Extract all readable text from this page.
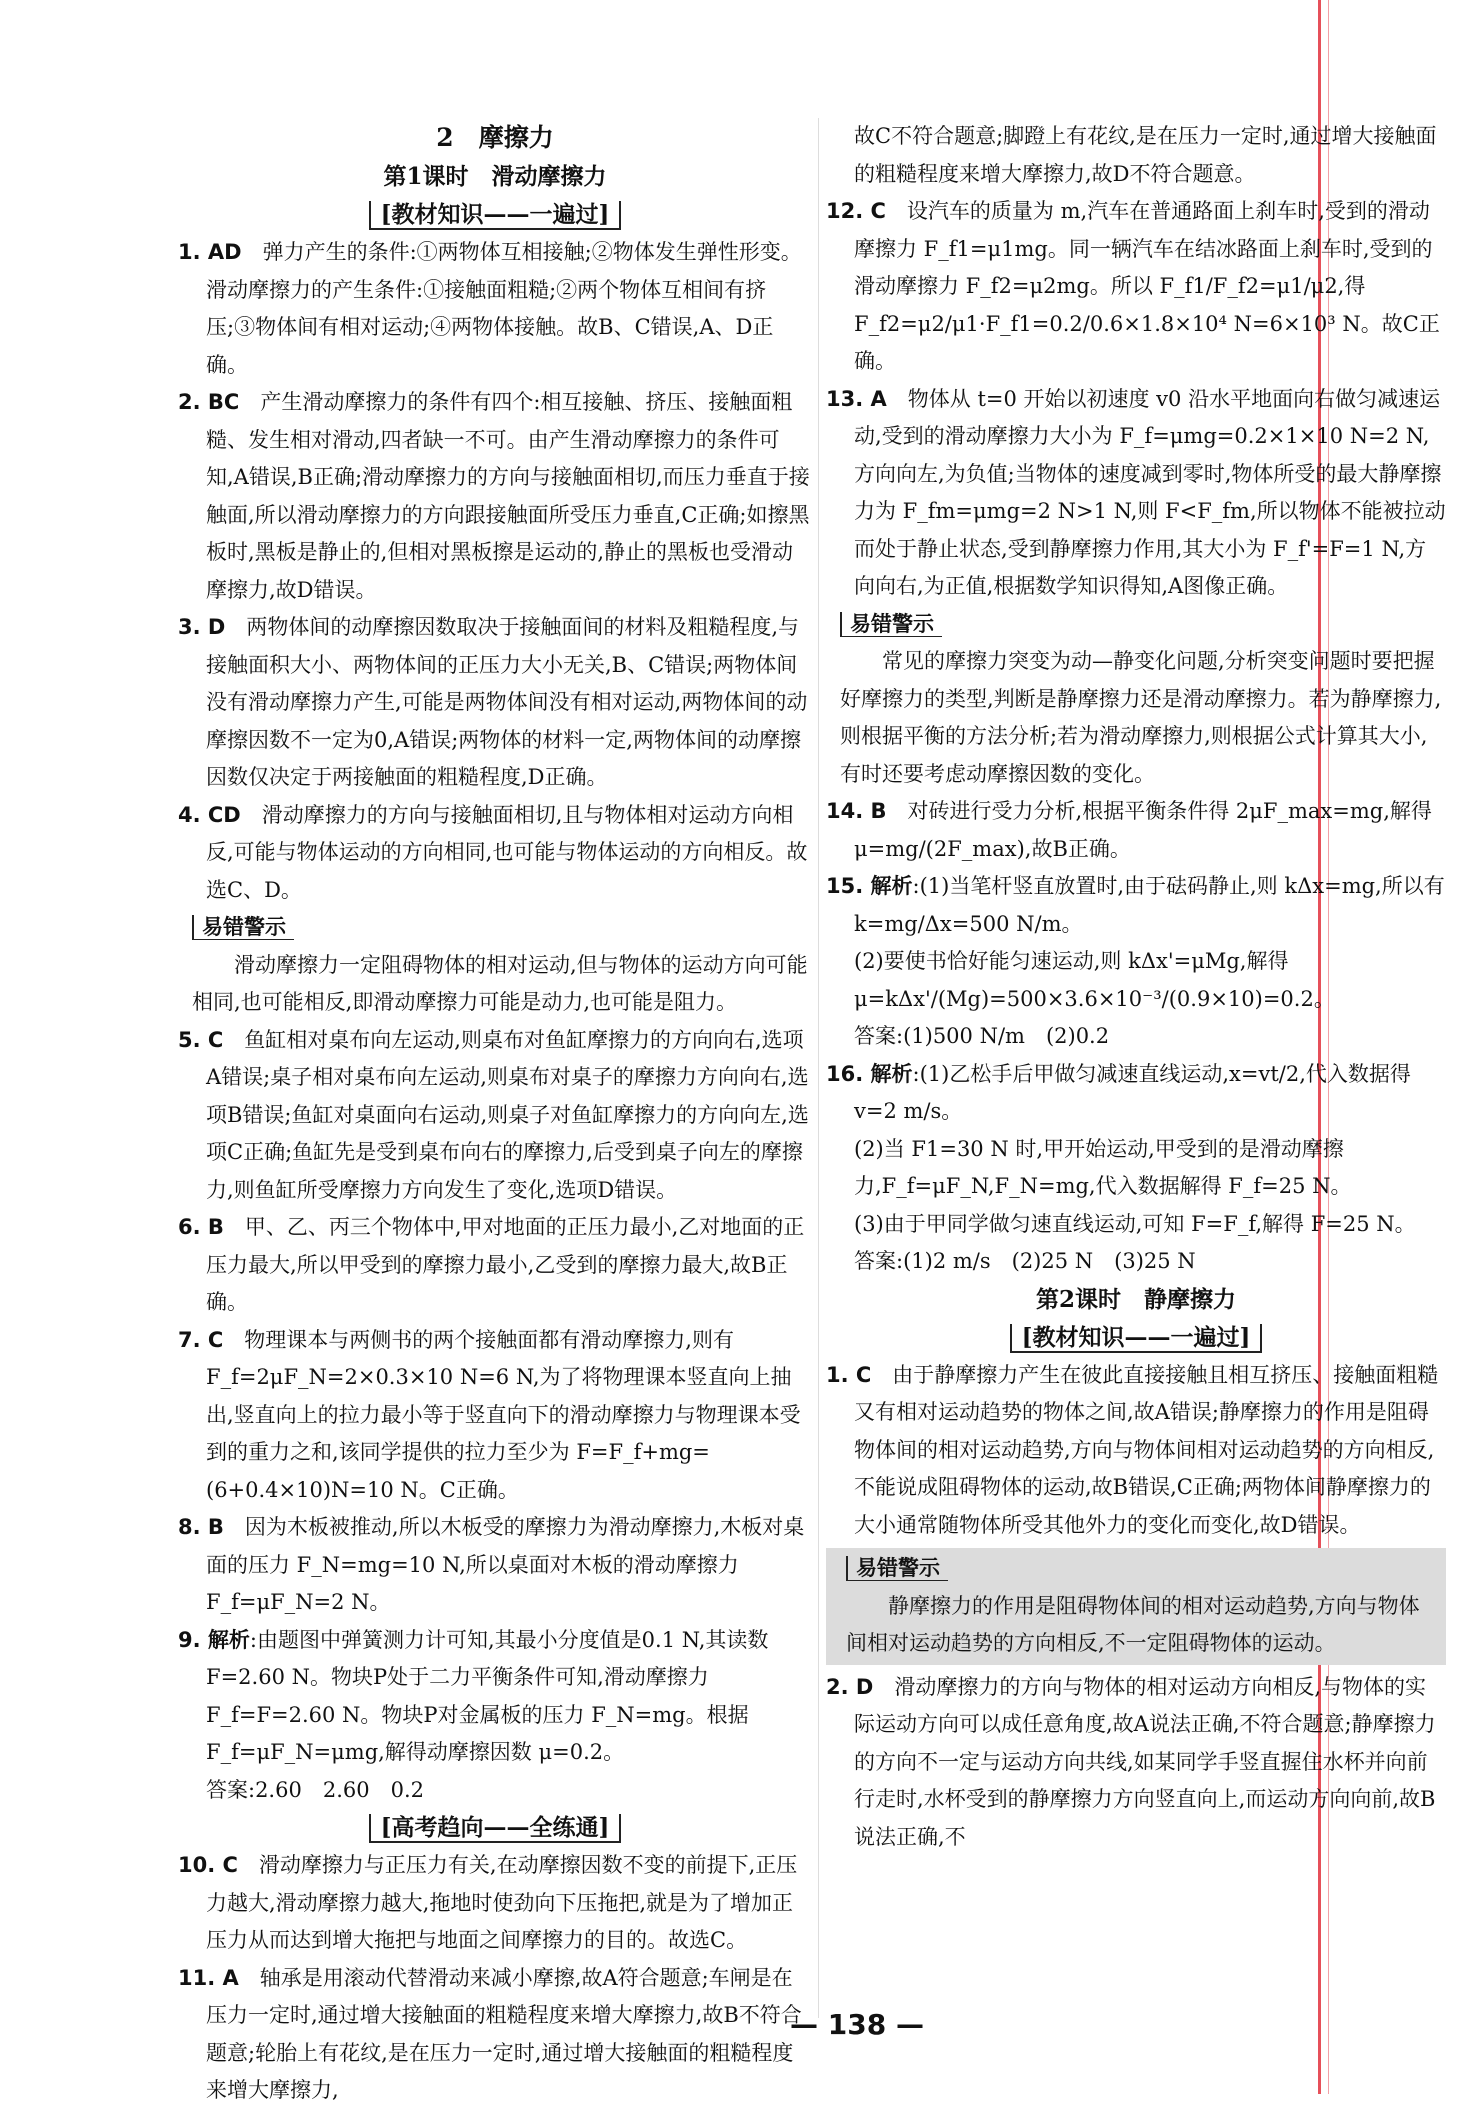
2　摩擦力
第1课时　滑动摩擦力
[教材知识——一遍过]

1. AD　弹力产生的条件:①两物体互相接触;②物体发生弹性形变。滑动摩擦力的产生条件:①接触面粗糙;②两个物体互相间有挤压;③物体间有相对运动;④两物体接触。故B、C错误,A、D正确。

2. BC　产生滑动摩擦力的条件有四个:相互接触、挤压、接触面粗糙、发生相对滑动,四者缺一不可。由产生滑动摩擦力的条件可知,A错误,B正确;滑动摩擦力的方向与接触面相切,而压力垂直于接触面,所以滑动摩擦力的方向跟接触面所受压力垂直,C正确;如擦黑板时,黑板是静止的,但相对黑板擦是运动的,静止的黑板也受滑动摩擦力,故D错误。

3. D　两物体间的动摩擦因数取决于接触面间的材料及粗糙程度,与接触面积大小、两物体间的正压力大小无关,B、C错误;两物体间没有滑动摩擦力产生,可能是两物体间没有相对运动,两物体间的动摩擦因数不一定为0,A错误;两物体的材料一定,两物体间的动摩擦因数仅决定于两接触面的粗糙程度,D正确。

4. CD　滑动摩擦力的方向与接触面相切,且与物体相对运动方向相反,可能与物体运动的方向相同,也可能与物体运动的方向相反。故选C、D。

易错警示

滑动摩擦力一定阻碍物体的相对运动,但与物体的运动方向可能相同,也可能相反,即滑动摩擦力可能是动力,也可能是阻力。

5. C　鱼缸相对桌布向左运动,则桌布对鱼缸摩擦力的方向向右,选项A错误;桌子相对桌布向左运动,则桌布对桌子的摩擦力方向向右,选项B错误;鱼缸对桌面向右运动,则桌子对鱼缸摩擦力的方向向左,选项C正确;鱼缸先是受到桌布向右的摩擦力,后受到桌子向左的摩擦力,则鱼缸所受摩擦力方向发生了变化,选项D错误。

6. B　甲、乙、丙三个物体中,甲对地面的正压力最小,乙对地面的正压力最大,所以甲受到的摩擦力最小,乙受到的摩擦力最大,故B正确。

7. C　物理课本与两侧书的两个接触面都有滑动摩擦力,则有 F_f=2μF_N=2×0.3×10 N=6 N,为了将物理课本竖直向上抽出,竖直向上的拉力最小等于竖直向下的滑动摩擦力与物理课本受到的重力之和,该同学提供的拉力至少为 F=F_f+mg=(6+0.4×10)N=10 N。C正确。

8. B　因为木板被推动,所以木板受的摩擦力为滑动摩擦力,木板对桌面的压力 F_N=mg=10 N,所以桌面对木板的滑动摩擦力 F_f=μF_N=2 N。

9. 解析:由题图中弹簧测力计可知,其最小分度值是0.1 N,其读数 F=2.60 N。物块P处于二力平衡条件可知,滑动摩擦力 F_f=F=2.60 N。物块P对金属板的压力 F_N=mg。根据 F_f=μF_N=μmg,解得动摩擦因数 μ=0.2。

答案:2.60　2.60　0.2

[高考趋向——全练通]

10. C　滑动摩擦力与正压力有关,在动摩擦因数不变的前提下,正压力越大,滑动摩擦力越大,拖地时使劲向下压拖把,就是为了增加正压力从而达到增大拖把与地面之间摩擦力的目的。故选C。

11. A　轴承是用滚动代替滑动来减小摩擦,故A符合题意;车闸是在压力一定时,通过增大接触面的粗糙程度来增大摩擦力,故B不符合题意;轮胎上有花纹,是在压力一定时,通过增大接触面的粗糙程度来增大摩擦力,

故C不符合题意;脚蹬上有花纹,是在压力一定时,通过增大接触面的粗糙程度来增大摩擦力,故D不符合题意。

12. C　设汽车的质量为 m,汽车在普通路面上刹车时,受到的滑动摩擦力 F_f1=μ1mg。同一辆汽车在结冰路面上刹车时,受到的滑动摩擦力 F_f2=μ2mg。所以 F_f1/F_f2=μ1/μ2,得 F_f2=μ2/μ1·F_f1=0.2/0.6×1.8×10⁴ N=6×10³ N。故C正确。

13. A　物体从 t=0 开始以初速度 v0 沿水平地面向右做匀减速运动,受到的滑动摩擦力大小为 F_f=μmg=0.2×1×10 N=2 N,方向向左,为负值;当物体的速度减到零时,物体所受的最大静摩擦力为 F_fm=μmg=2 N>1 N,则 F<F_fm,所以物体不能被拉动而处于静止状态,受到静摩擦力作用,其大小为 F_f'=F=1 N,方向向右,为正值,根据数学知识得知,A图像正确。

易错警示

常见的摩擦力突变为动—静变化问题,分析突变问题时要把握好摩擦力的类型,判断是静摩擦力还是滑动摩擦力。若为静摩擦力,则根据平衡的方法分析;若为滑动摩擦力,则根据公式计算其大小,有时还要考虑动摩擦因数的变化。

14. B　对砖进行受力分析,根据平衡条件得 2μF_max=mg,解得 μ=mg/(2F_max),故B正确。

15. 解析:(1)当笔杆竖直放置时,由于砝码静止,则 kΔx=mg,所以有 k=mg/Δx=500 N/m。

(2)要使书恰好能匀速运动,则 kΔx'=μMg,解得 μ=kΔx'/(Mg)=500×3.6×10⁻³/(0.9×10)=0.2。

答案:(1)500 N/m　(2)0.2

16. 解析:(1)乙松手后甲做匀减速直线运动,x=vt/2,代入数据得 v=2 m/s。

(2)当 F1=30 N 时,甲开始运动,甲受到的是滑动摩擦力,F_f=μF_N,F_N=mg,代入数据解得 F_f=25 N。

(3)由于甲同学做匀速直线运动,可知 F=F_f,解得 F=25 N。

答案:(1)2 m/s　(2)25 N　(3)25 N

第2课时　静摩擦力
[教材知识——一遍过]

1. C　由于静摩擦力产生在彼此直接接触且相互挤压、接触面粗糙又有相对运动趋势的物体之间,故A错误;静摩擦力的作用是阻碍物体间的相对运动趋势,方向与物体间相对运动趋势的方向相反,不能说成阻碍物体的运动,故B错误,C正确;两物体间静摩擦力的大小通常随物体所受其他外力的变化而变化,故D错误。

易错警示

静摩擦力的作用是阻碍物体间的相对运动趋势,方向与物体间相对运动趋势的方向相反,不一定阻碍物体的运动。

2. D　滑动摩擦力的方向与物体的相对运动方向相反,与物体的实际运动方向可以成任意角度,故A说法正确,不符合题意;静摩擦力的方向不一定与运动方向共线,如某同学手竖直握住水杯并向前行走时,水杯受到的静摩擦力方向竖直向上,而运动方向向前,故B说法正确,不

— 138 —
